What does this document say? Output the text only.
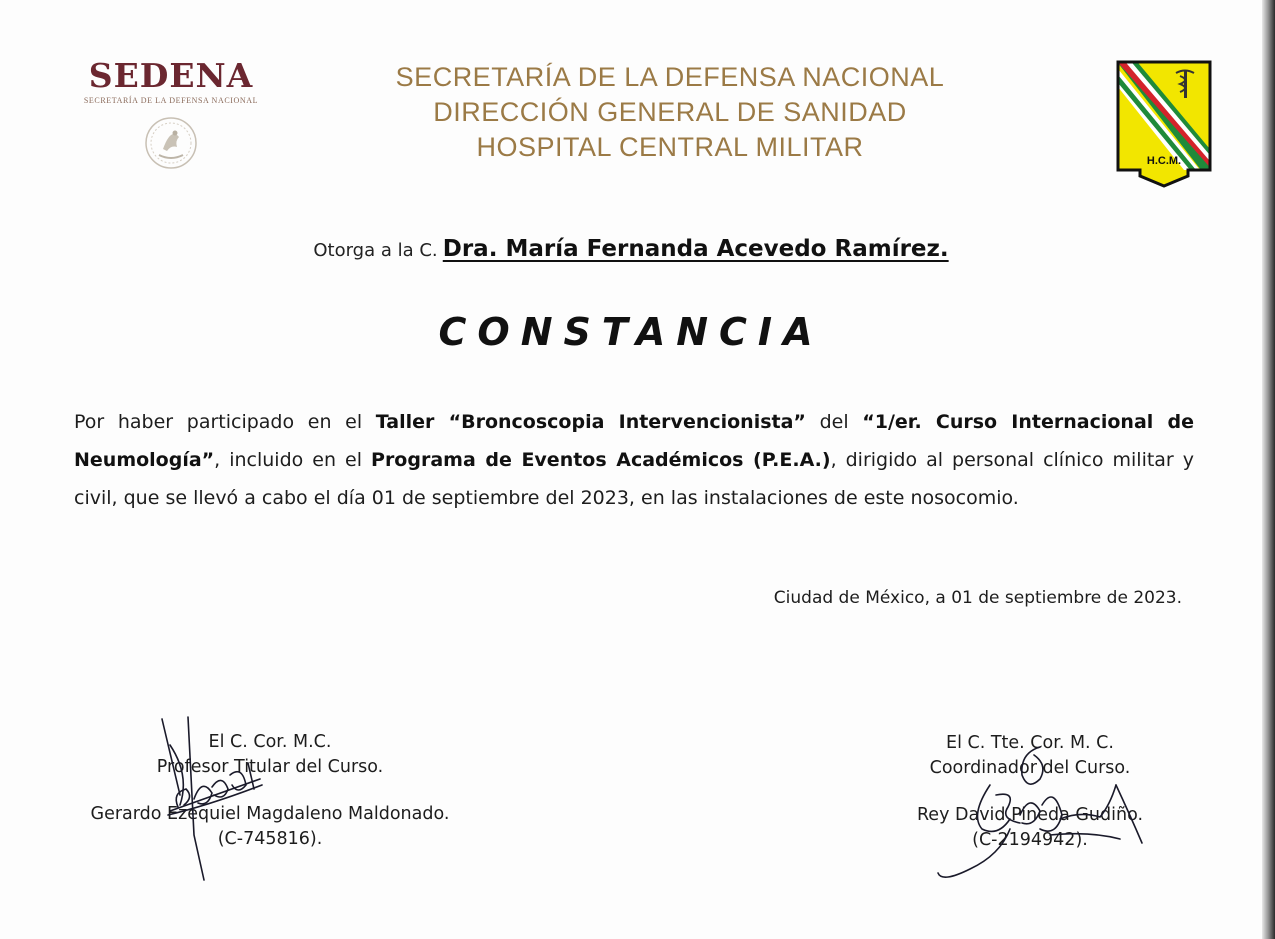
SEDENA
SECRETARÍA DE LA DEFENSA NACIONAL
SECRETARÍA DE LA DEFENSA NACIONAL
DIRECCIÓN GENERAL DE SANIDAD
HOSPITAL CENTRAL MILITAR	H.C.M.
Otorga a la C. Dra. María Fernanda Acevedo Ramírez.
CONSTANCIA
Por haber participado en el Taller “Broncoscopia Intervencionista” del “1/er. Curso Internacional de Neumología”, incluido en el Programa de Eventos Académicos (P.E.A.), dirigido al personal clínico militar y civil, que se llevó a cabo el día 01 de septiembre del 2023, en las instalaciones de este nosocomio.
Ciudad de México, a 01 de septiembre de 2023.
El C. Cor. M.C.
Profesor Titular del Curso.
Gerardo Ezequiel Magdaleno Maldonado.
(C-745816).
El C. Tte. Cor. M. C.
Coordinador del Curso.
Rey David Pineda Gudiño.
(C-2194942).
